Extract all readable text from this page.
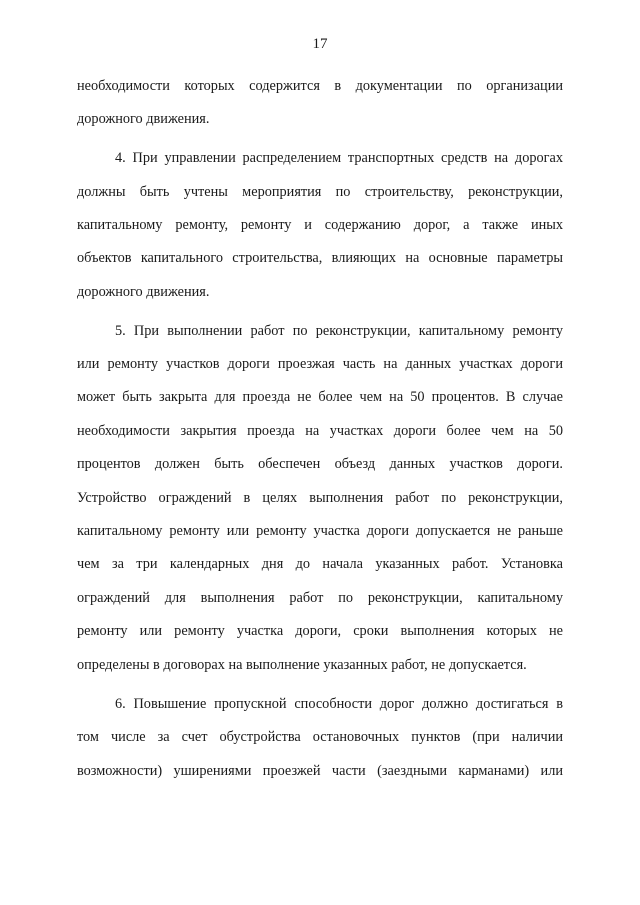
17
необходимости которых содержится в документации по организации
дорожного движения.
4. При управлении распределением транспортных средств на дорогах
должны быть учтены мероприятия по строительству, реконструкции,
капитальному ремонту, ремонту и содержанию дорог, а также иных
объектов капитального строительства, влияющих на основные параметры
дорожного движения.
5. При выполнении работ по реконструкции, капитальному ремонту
или ремонту участков дороги проезжая часть на данных участках дороги
может быть закрыта для проезда не более чем на 50 процентов. В случае
необходимости закрытия проезда на участках дороги более чем на 50
процентов должен быть обеспечен объезд данных участков дороги.
Устройство ограждений в целях выполнения работ по реконструкции,
капитальному ремонту или ремонту участка дороги допускается не раньше
чем за три календарных дня до начала указанных работ. Установка
ограждений для выполнения работ по реконструкции, капитальному
ремонту или ремонту участка дороги, сроки выполнения которых не
определены в договорах на выполнение указанных работ, не допускается.
6. Повышение пропускной способности дорог должно достигаться в
том числе за счет обустройства остановочных пунктов (при наличии
возможности) уширениями проезжей части (заездными карманами) или
